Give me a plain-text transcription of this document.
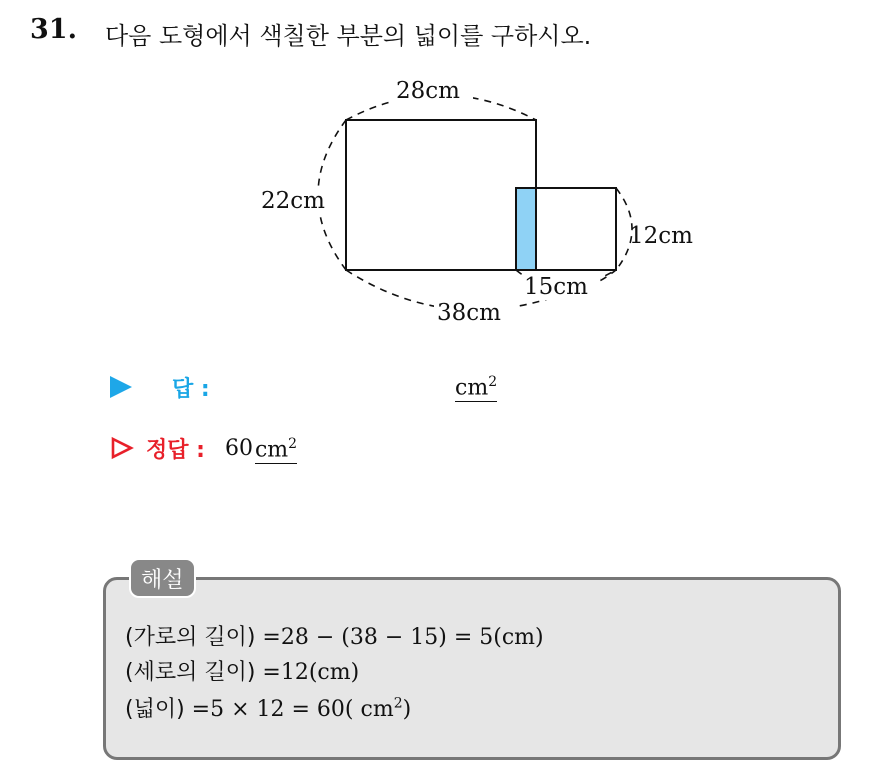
31. 다음 도형에서 색칠한 부분의 넓이를 구하시오.
28cm
22cm
12cm
15cm
38cm
답 :	$cm^2$
정답 : 60 $cm^2$
해설
(가로의 길이) =28 − (38 − 15) = 5(cm)
(세로의 길이) =12(cm)
(넓이) =5 × 12 = 60( $cm^2$)
